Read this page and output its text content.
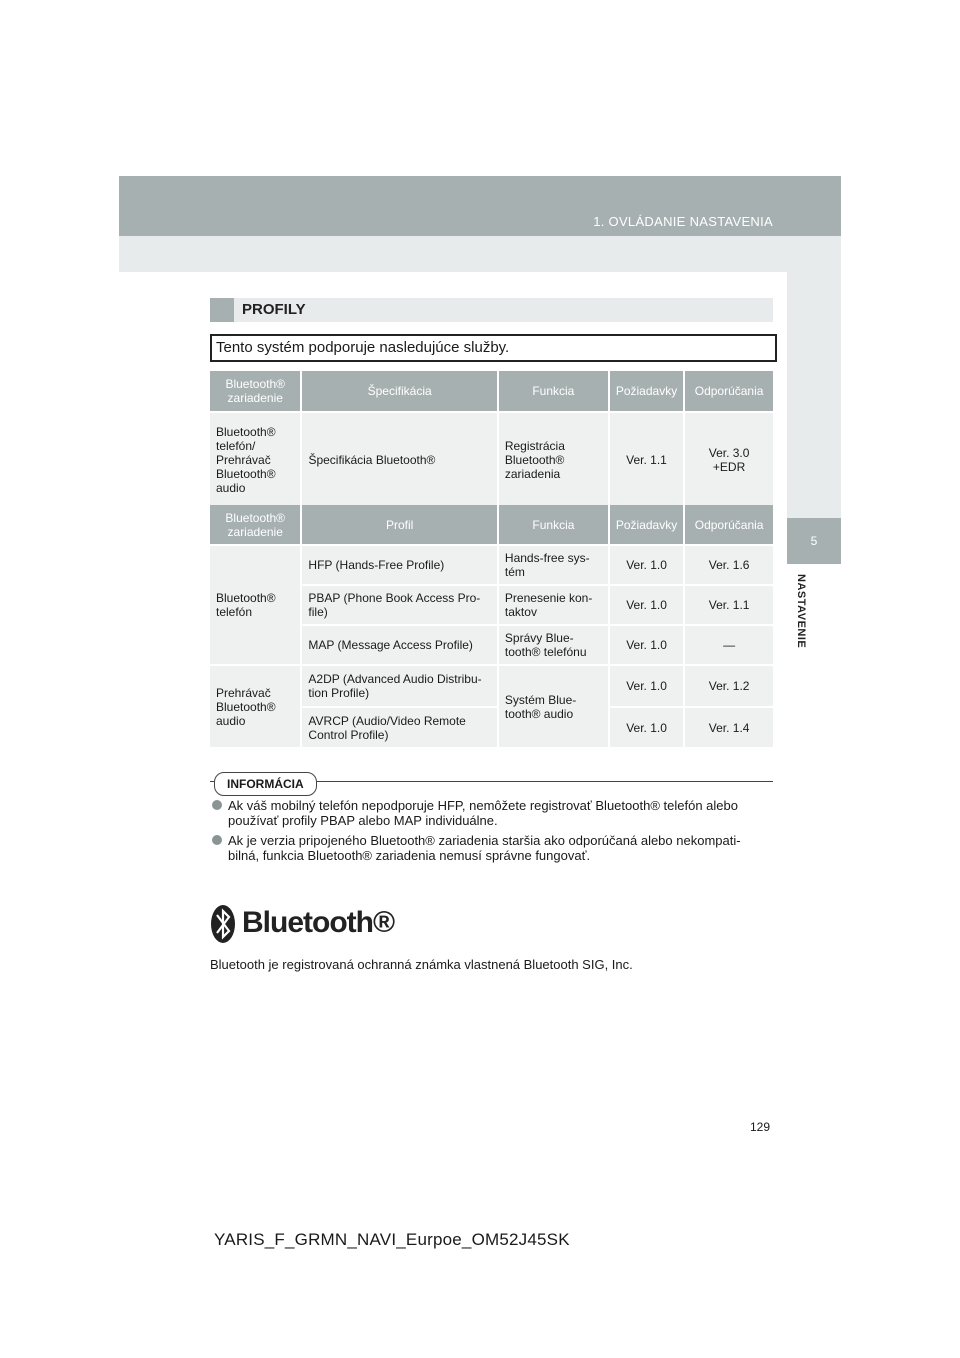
1. OVLÁDANIE NASTAVENIA
5
NASTAVENIE
PROFILY
Tento systém podporuje nasledujúce služby.
Bluetooth® zariadenie	Špecifikácia	Funkcia	Požiadavky	Odporúčania
Bluetooth® telefón/ Prehrávač Bluetooth® audio	Špecifikácia Bluetooth®	Registrácia Bluetooth® zariadenia	Ver. 1.1	Ver. 3.0 +EDR
Bluetooth® zariadenie	Profil	Funkcia	Požiadavky	Odporúčania
Bluetooth® telefón	HFP (Hands-Free Profile)	Hands-free sys- tém	Ver. 1.0	Ver. 1.6
	PBAP (Phone Book Access Pro- file)	Prenesenie kon- taktov	Ver. 1.0	Ver. 1.1
	MAP (Message Access Profile)	Správy Blue- tooth® telefónu	Ver. 1.0	—
Prehrávač Bluetooth® audio	A2DP (Advanced Audio Distribu- tion Profile)	Systém Blue- tooth® audio	Ver. 1.0	Ver. 1.2
	AVRCP (Audio/Video Remote Control Profile)		Ver. 1.0	Ver. 1.4
INFORMÁCIA
Ak váš mobilný telefón nepodporuje HFP, nemôžete registrovať Bluetooth® telefón alebo používať profily PBAP alebo MAP individuálne.
Ak je verzia pripojeného Bluetooth® zariadenia staršia ako odporúčaná alebo nekompati- bilná, funkcia Bluetooth® zariadenia nemusí správne fungovať.
Bluetooth®
Bluetooth je registrovaná ochranná známka vlastnená Bluetooth SIG, Inc.
129
YARIS_F_GRMN_NAVI_Eurpoe_OM52J45SK
